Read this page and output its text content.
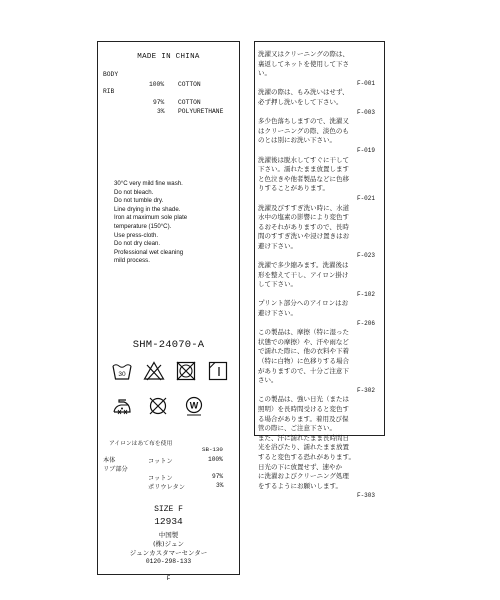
MADE IN CHINA
BODY
100% COTTON
RIB
97% COTTON
3% POLYURETHANE
30°C very mild fine wash.
Do not bleach.
Do not tumble dry.
Line drying in the shade.
Iron at maximum sole plate
temperature (150°C).
Use press-cloth.
Do not dry clean.
Professional wet cleaning
mild process.
SHM-24070-A
30
W
アイロンはあて布を使用
SB-130
本体
リブ部分
コットン	100%
コットン	97%
ポリウレタン	3%
SIZE F
12934
中国製
(株)ジュン
ジュンカスタマーセンター
0120-298-133
F
洗濯又はクリーニングの際は、
裏返してネットを使用して下さ
い。
F-001
洗濯の際は、もみ洗いはせず、
必ず押し洗いをして下さい。
F-003
多少色落ちしますので、洗濯又
はクリーニングの際、淡色のも
のとは別にお洗い下さい。
F-019
洗濯後は脱水してすぐに干して
下さい。濡れたまま放置します
と色泣きや他者製品などに色移
りすることがあります。
F-021
洗濯及びすすぎ洗い時に、水道
水中の塩素の影響により変色す
るおそれがありますので、長時
間のすすぎ洗いや浸け置きはお
避け下さい。
F-023
洗濯で多少縮みます。洗濯後は
形を整えて干し、アイロン掛け
して下さい。
F-102
プリント部分へのアイロンはお
避け下さい。
F-206
この製品は、摩擦（特に湿った
状態での摩擦）や、汗や雨など
で濡れた際に、他の衣料や下着
（特に白物）に色移りする場合
がありますので、十分ご注意下
さい。
F-302
この製品は、強い日光（または
照明）を長時間受けると変色す
る場合があります。着用及び保
管の際に、ご注意下さい。
また、汗に濡れたまま長時間日
光を浴びたり、濡れたまま放置
すると変色する恐れがあります。
日光の下に放置せず、速やか
に洗濯およびクリーニング処理
をするようにお願いします。
F-303
